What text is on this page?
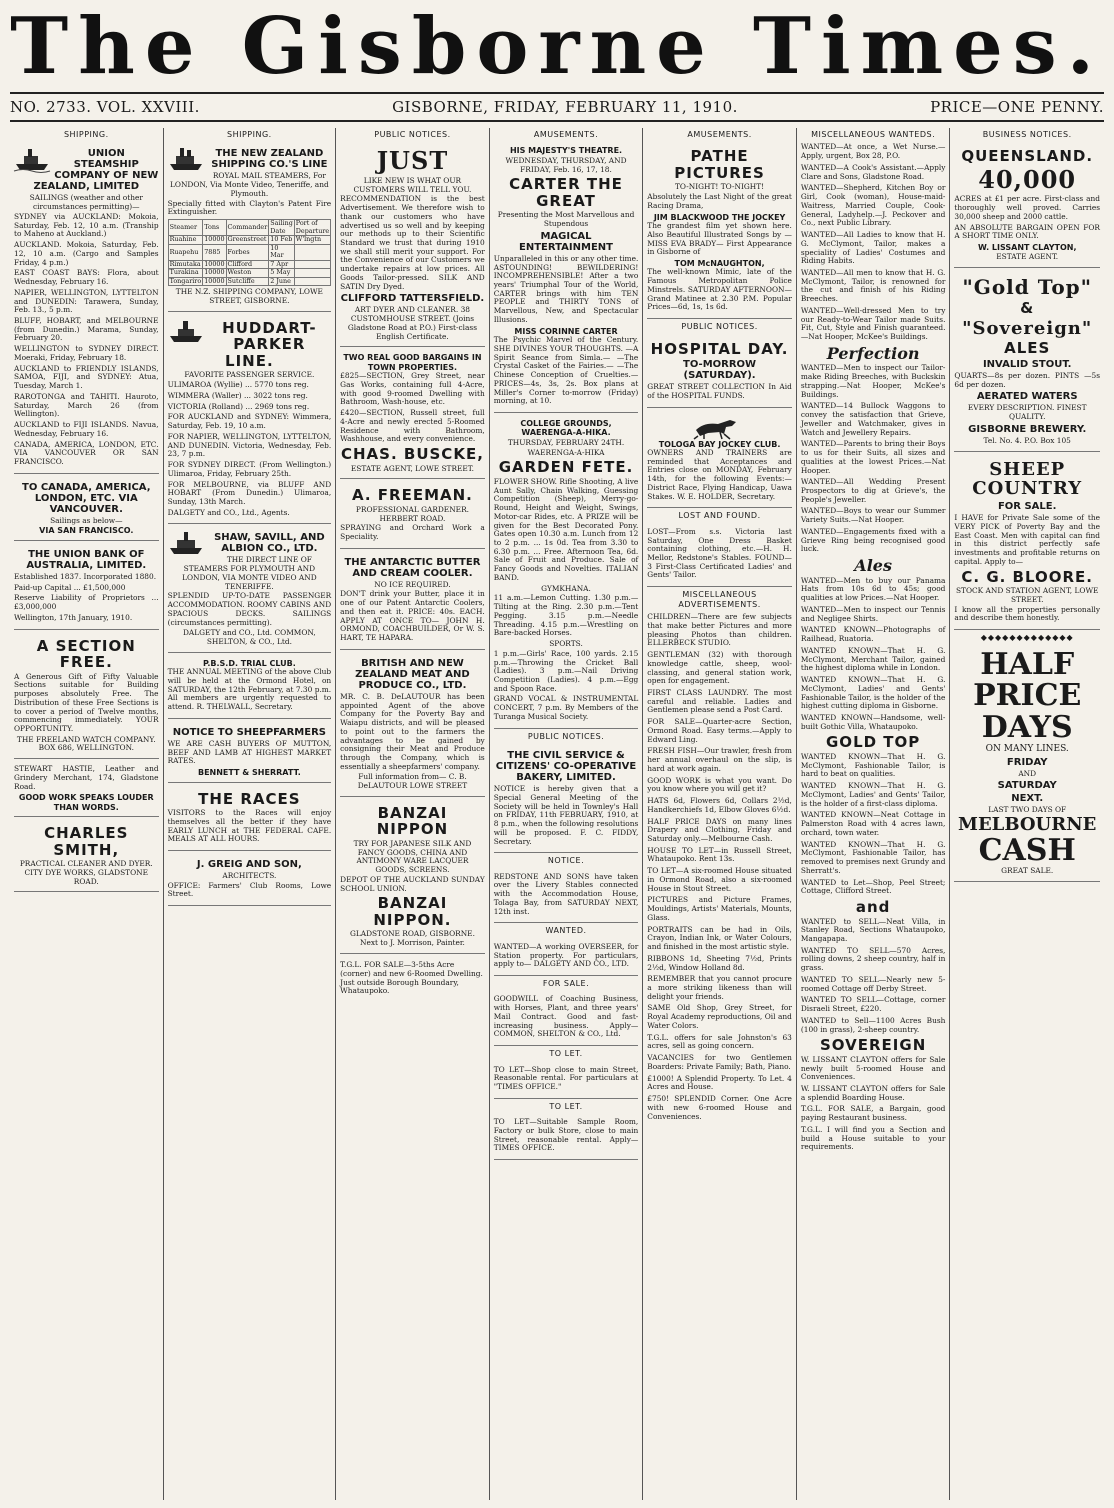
The Gisborne Times.
NO. 2733. VOL. XXVIII.	GISBORNE, FRIDAY, FEBRUARY 11, 1910.	PRICE—ONE PENNY.
SHIPPING.
UNION STEAMSHIP COMPANY OF NEW ZEALAND, LIMITED
SAILINGS (weather and other circumstances permitting)—

SYDNEY via AUCKLAND: Mokoia, Saturday, Feb. 12, 10 a.m. (Tranship to Maheno at Auckland.)

AUCKLAND. Mokoia, Saturday, Feb. 12, 10 a.m. (Cargo and Samples Friday, 4 p.m.)

EAST COAST BAYS: Flora, about Wednesday, February 16.

NAPIER, WELLINGTON, LYTTELTON and DUNEDIN: Tarawera, Sunday, Feb. 13., 5 p.m.

BLUFF, HOBART, and MELBOURNE (from Dunedin.) Marama, Sunday, February 20.

WELLINGTON to SYDNEY DIRECT. Moeraki, Friday, February 18.

AUCKLAND to FRIENDLY ISLANDS, SAMOA, FIJI, and SYDNEY: Atua, Tuesday, March 1.

RAROTONGA and TAHITI. Hauroto, Saturday, March 26 (from Wellington).

AUCKLAND to FIJI ISLANDS. Navua, Wednesday, February 16.

CANADA, AMERICA, LONDON, ETC. VIA VANCOUVER OR SAN FRANCISCO.

TO CANADA, AMERICA, LONDON, ETC. VIA VANCOUVER.
Sailings as below—
VIA SAN FRANCISCO.
THE UNION BANK OF AUSTRALIA, LIMITED.

Established 1837. Incorporated 1880.

Paid-up Capital ... £1,500,000

Reserve Liability of Proprietors ... £3,000,000

Wellington, 17th January, 1910.

A SECTION FREE.

A Generous Gift of Fifty Valuable Sections suitable for Building purposes absolutely Free. The Distribution of these Free Sections is to cover a period of Twelve months, commencing immediately. YOUR OPPORTUNITY.

THE FREELAND WATCH COMPANY. BOX 686, WELLINGTON.

STEWART HASTIE, Leather and Grindery Merchant, 174, Gladstone Road.

GOOD WORK SPEAKS LOUDER THAN WORDS.
CHARLES SMITH,
PRACTICAL CLEANER AND DYER. CITY DYE WORKS, GLADSTONE ROAD.
SHIPPING.
THE NEW ZEALAND SHIPPING CO.'S LINE
ROYAL MAIL STEAMERS, For LONDON, Via Monte Video, Teneriffe, and Plymouth.

Specially fitted with Clayton's Patent Fire Extinguisher.

Steamer	Tons	Commander	Sailing Date	Port of Departure
Ruahine	10000	Greenstreet	10 Feb	W'lngtn
Ruapehu	7885	Forbes	10 Mar	
Rimutaka	10000	Clifford	7 Apr	
Turakina	10000	Weston	5 May	
Tongariro	10000	Sutcliffe	2 June	
THE N.Z. SHIPPING COMPANY, LOWE STREET, GISBORNE.
HUDDART-PARKER LINE.
FAVORITE PASSENGER SERVICE.

ULIMAROA (Wyllie) ... 5770 tons reg.

WIMMERA (Waller) ... 3022 tons reg.

VICTORIA (Rolland) ... 2969 tons reg.

FOR AUCKLAND and SYDNEY: Wimmera, Saturday, Feb. 19, 10 a.m.

FOR NAPIER, WELLINGTON, LYTTELTON, AND DUNEDIN. Victoria, Wednesday, Feb. 23, 7 p.m.

FOR SYDNEY DIRECT. (From Wellington.) Ulimaroa, Friday, February 25th.

FOR MELBOURNE, via BLUFF AND HOBART (From Dunedin.) Ulimaroa, Sunday, 13th March.

DALGETY and CO., Ltd., Agents.

SHAW, SAVILL, AND ALBION CO., LTD.
THE DIRECT LINE OF STEAMERS FOR PLYMOUTH AND LONDON, VIA MONTE VIDEO AND TENERIFFE.

SPLENDID UP-TO-DATE PASSENGER ACCOMMODATION. ROOMY CABINS AND SPACIOUS DECKS. SAILINGS (circumstances permitting).

DALGETY and CO., Ltd. COMMON, SHELTON, & CO., Ltd.
P.B.S.D. TRIAL CLUB.

THE ANNUAL MEETING of the above Club will be held at the Ormond Hotel, on SATURDAY, the 12th February, at 7.30 p.m. All members are urgently requested to attend. R. THELWALL, Secretary.

NOTICE TO SHEEPFARMERS

WE ARE CASH BUYERS OF MUTTON, BEEF AND LAMB AT HIGHEST MARKET RATES.

BENNETT & SHERRATT.
THE RACES

VISITORS to the Races will enjoy themselves all the better if they have EARLY LUNCH at THE FEDERAL CAFE. MEALS AT ALL HOURS.

J. GREIG AND SON,
ARCHITECTS.

OFFICE: Farmers' Club Rooms, Lowe Street.

PUBLIC NOTICES.
JUST
LIKE NEW IS WHAT OUR CUSTOMERS WILL TELL YOU.

RECOMMENDATION is the best Advertisement. We therefore wish to thank our customers who have advertised us so well and by keeping our methods up to their Scientific Standard we trust that during 1910 we shall still merit your support. For the Convenience of our Customers we undertake repairs at low prices. All Goods Tailor-pressed. SILK AND SATIN Dry Dyed.

CLIFFORD TATTERSFIELD.
ART DYER AND CLEANER. 38 CUSTOMHOUSE STREET. (Joins Gladstone Road at P.O.) First-class English Certificate.
TWO REAL GOOD BARGAINS IN TOWN PROPERTIES.

£825—SECTION, Grey Street, near Gas Works, containing full 4-Acre, with good 9-roomed Dwelling with Bathroom, Wash-house, etc.

£420—SECTION, Russell street, full 4-Acre and newly erected 5-Roomed Residence with Bathroom, Washhouse, and every convenience.

CHAS. BUSCKE,
ESTATE AGENT, LOWE STREET.
A. FREEMAN.
PROFESSIONAL GARDENER. HERBERT ROAD.

SPRAYING and Orchard Work a Speciality.

THE ANTARCTIC BUTTER AND CREAM COOLER.
NO ICE REQUIRED.

DON'T drink your Butter, place it in one of our Patent Antarctic Coolers, and then eat it. PRICE: 40s. EACH. APPLY AT ONCE TO— JOHN H. ORMOND, COACHBUILDER, Or W. S. HART, TE HAPARA.

BRITISH AND NEW ZEALAND MEAT AND PRODUCE CO., LTD.

MR. C. B. DeLAUTOUR has been appointed Agent of the above Company for the Poverty Bay and Waiapu districts, and will be pleased to point out to the farmers the advantages to be gained by consigning their Meat and Produce through the Company, which is essentially a sheepfarmers' company.

Full information from— C. B. DeLAUTOUR LOWE STREET
BANZAI NIPPON
TRY FOR JAPANESE SILK AND FANCY GOODS, CHINA AND ANTIMONY WARE LACQUER GOODS, SCREENS.

DEPOT OF THE AUCKLAND SUNDAY SCHOOL UNION.

BANZAI NIPPON.
GLADSTONE ROAD, GISBORNE. Next to J. Morrison, Painter.

T.G.L. FOR SALE—3-5ths Acre (corner) and new 6-Roomed Dwelling. Just outside Borough Boundary, Whataupoko.

AMUSEMENTS.
HIS MAJESTY'S THEATRE.
WEDNESDAY, THURSDAY, AND FRIDAY, Feb. 16, 17, 18.
CARTER THE GREAT
Presenting the Most Marvellous and Stupendous
MAGICAL ENTERTAINMENT

Unparalleled in this or any other time. ASTOUNDING! BEWILDERING! INCOMPREHENSIBLE! After a two years' Triumphal Tour of the World, CARTER brings with him TEN PEOPLE and THIRTY TONS of Marvellous, New, and Spectacular Illusions.

MISS CORINNE CARTER

The Psychic Marvel of the Century. SHE DIVINES YOUR THOUGHTS. —A Spirit Seance from Simla.— —The Crystal Casket of the Fairies.— —The Chinese Conception of Cruelties.— PRICES—4s, 3s, 2s. Box plans at Miller's Corner to-morrow (Friday) morning, at 10.

COLLEGE GROUNDS, WAERENGA-A-HIKA.
THURSDAY, FEBRUARY 24TH.
WAERENGA-A-HIKA
GARDEN FETE.

FLOWER SHOW. Rifle Shooting, A live Aunt Sally, Chain Walking, Guessing Competition (Sheep), Merry-go-Round, Height and Weight, Swings, Motor-car Rides, etc. A PRIZE will be given for the Best Decorated Pony. Gates open 10.30 a.m. Lunch from 12 to 2 p.m. ... 1s 0d. Tea from 3.30 to 6.30 p.m. ... Free. Afternoon Tea, 6d. Sale of Fruit and Produce. Sale of Fancy Goods and Novelties. ITALIAN BAND.

GYMKHANA.

11 a.m.—Lemon Cutting. 1.30 p.m.—Tilting at the Ring. 2.30 p.m.—Tent Pegging. 3.15 p.m.—Needle Threading. 4.15 p.m.—Wrestling on Bare-backed Horses.

SPORTS.

1 p.m.—Girls' Race, 100 yards. 2.15 p.m.—Throwing the Cricket Ball (Ladies). 3 p.m.—Nail Driving Competition (Ladies). 4 p.m.—Egg and Spoon Race.

GRAND VOCAL & INSTRUMENTAL CONCERT, 7 p.m. By Members of the Turanga Musical Society.

PUBLIC NOTICES.
THE CIVIL SERVICE & CITIZENS' CO-OPERATIVE BAKERY, LIMITED.

NOTICE is hereby given that a Special General Meeting of the Society will be held in Townley's Hall on FRIDAY, 11th FEBRUARY, 1910, at 8 p.m., when the following resolutions will be proposed. F. C. FIDDY, Secretary.

NOTICE.

REDSTONE AND SONS have taken over the Livery Stables connected with the Accommodation House, Tolaga Bay, from SATURDAY NEXT, 12th inst.

WANTED.

WANTED—A working OVERSEER, for Station property. For particulars, apply to— DALGETY AND CO., LTD.

FOR SALE.

GOODWILL of Coaching Business, with Horses, Plant, and three years' Mail Contract. Good and fast-increasing business. Apply— COMMON, SHELTON & CO., Ltd.

TO LET.

TO LET—Shop close to main Street, Reasonable rental. For particulars at "TIMES OFFICE."

TO LET.

TO LET—Suitable Sample Room, Factory or bulk Store, close to main Street, reasonable rental. Apply— TIMES OFFICE.

AMUSEMENTS.
PATHE PICTURES
TO-NIGHT! TO-NIGHT!

Absolutely the Last Night of the great Racing Drama,

JIM BLACKWOOD THE JOCKEY

The grandest film yet shown here. Also Beautiful Illustrated Songs by —MISS EVA BRADY— First Appearance in Gisborne of

TOM McNAUGHTON,

The well-known Mimic, late of the Famous Metropolitan Police Minstrels. SATURDAY AFTERNOON—Grand Matinee at 2.30 P.M. Popular Prices—6d, 1s, 1s 6d.

PUBLIC NOTICES.
HOSPITAL DAY.
TO-MORROW (SATURDAY).

GREAT STREET COLLECTION In Aid of the HOSPITAL FUNDS.

TOLOGA BAY JOCKEY CLUB.

OWNERS AND TRAINERS are reminded that Acceptances and Entries close on MONDAY, February 14th, for the following Events:— District Race, Flying Handicap, Uawa Stakes. W. E. HOLDER, Secretary.

LOST AND FOUND.

LOST—From s.s. Victoria last Saturday, One Dress Basket containing clothing, etc.—H. H. Mellor, Redstone's Stables. FOUND—3 First-Class Certificated Ladies' and Gents' Tailor.

MISCELLANEOUS ADVERTISEMENTS.

CHILDREN—There are few subjects that make better Pictures and more pleasing Photos than children. ELLERBECK STUDIO.

GENTLEMAN (32) with thorough knowledge cattle, sheep, wool-classing, and general station work, open for engagement.

FIRST CLASS LAUNDRY. The most careful and reliable. Ladies and Gentlemen please send a Post Card.

FOR SALE—Quarter-acre Section, Ormond Road. Easy terms.—Apply to Edward Ling.

FRESH FISH—Our trawler, fresh from her annual overhaul on the slip, is hard at work again.

GOOD WORK is what you want. Do you know where you will get it?

HATS 6d, Flowers 6d, Collars 2½d, Handkerchiefs 1d, Elbow Gloves 6½d.

HALF PRICE DAYS on many lines Drapery and Clothing, Friday and Saturday only.—Melbourne Cash.

HOUSE TO LET—in Russell Street, Whataupoko. Rent 13s.

TO LET—A six-roomed House situated in Ormond Road, also a six-roomed House in Stout Street.

PICTURES and Picture Frames, Mouldings, Artists' Materials, Mounts, Glass.

PORTRAITS can be had in Oils, Crayon, Indian Ink, or Water Colours, and finished in the most artistic style.

RIBBONS 1d, Sheeting 7½d, Prints 2½d, Window Holland 8d.

REMEMBER that you cannot procure a more striking likeness than will delight your friends.

SAME Old Shop, Grey Street, for Royal Academy reproductions, Oil and Water Colors.

T.G.L. offers for sale Johnston's 63 acres, sell as going concern.

VACANCIES for two Gentlemen Boarders: Private Family; Bath, Piano.

£1000! A Splendid Property. To Let. 4 Acres and House.

£750! SPLENDID Corner. One Acre with new 6-roomed House and Conveniences.

MISCELLANEOUS WANTEDS.

WANTED—At once, a Wet Nurse.—Apply, urgent, Box 28, P.O.

WANTED—A Cook's Assistant.—Apply Clare and Sons, Gladstone Road.

WANTED—Shepherd, Kitchen Boy or Girl, Cook (woman), House-maid-Waitress, Married Couple, Cook-General, Ladyhelp.—J. Peckover and Co., next Public Library.

WANTED—All Ladies to know that H. G. McClymont, Tailor, makes a speciality of Ladies' Costumes and Riding Habits.

WANTED—All men to know that H. G. McClymont, Tailor, is renowned for the cut and finish of his Riding Breeches.

WANTED—Well-dressed Men to try our Ready-to-Wear Tailor made Suits. Fit, Cut, Style and Finish guaranteed.—Nat Hooper, McKee's Buildings.

Perfection

WANTED—Men to inspect our Tailor-make Riding Breeches, with Buckskin strapping.—Nat Hooper, McKee's Buildings.

WANTED—14 Bullock Waggons to convey the satisfaction that Grieve, Jeweller and Watchmaker, gives in Watch and Jewellery Repairs.

WANTED—Parents to bring their Boys to us for their Suits, all sizes and qualities at the lowest Prices.—Nat Hooper.

WANTED—All Wedding Present Prospectors to dig at Grieve's, the People's Jeweller.

WANTED—Boys to wear our Summer Variety Suits.—Nat Hooper.

WANTED—Engagements fixed with a Grieve Ring being recognised good luck.

Ales

WANTED—Men to buy our Panama Hats from 10s 6d to 45s; good qualities at low Prices.—Nat Hooper.

WANTED—Men to inspect our Tennis and Negligee Shirts.

WANTED KNOWN—Photographs of Railhead, Ruatoria.

WANTED KNOWN—That H. G. McClymont, Merchant Tailor, gained the highest diploma while in London.

WANTED KNOWN—That H. G. McClymont, Ladies' and Gents' Fashionable Tailor, is the holder of the highest cutting diploma in Gisborne.

WANTED KNOWN—Handsome, well-built Gothic Villa, Whataupoko.

GOLD TOP

WANTED KNOWN—That H. G. McClymont, Fashionable Tailor, is hard to beat on qualities.

WANTED KNOWN—That H. G. McClymont, Ladies' and Gents' Tailor, is the holder of a first-class diploma.

WANTED KNOWN—Neat Cottage in Palmerston Road with 4 acres lawn, orchard, town water.

WANTED KNOWN—That H. G. McClymont, Fashionable Tailor, has removed to premises next Grundy and Sherratt's.

WANTED to Let—Shop, Peel Street; Cottage, Clifford Street.

and

WANTED to SELL—Neat Villa, in Stanley Road, Sections Whataupoko, Mangapapa.

WANTED TO SELL—570 Acres, rolling downs, 2 sheep country, half in grass.

WANTED TO SELL—Nearly new 5-roomed Cottage off Derby Street.

WANTED TO SELL—Cottage, corner Disraeli Street, £220.

WANTED to Sell—1100 Acres Bush (100 in grass), 2-sheep country.

SOVEREIGN

W. LISSANT CLAYTON offers for Sale newly built 5-roomed House and Conveniences.

W. LISSANT CLAYTON offers for Sale a splendid Boarding House.

T.G.L. FOR SALE, a Bargain, good paying Restaurant business.

T.G.L. I will find you a Section and build a House suitable to your requirements.

BUSINESS NOTICES.
QUEENSLAND.
40,000

ACRES at £1 per acre. First-class and thoroughly well proved. Carries 30,000 sheep and 2000 cattle.

AN ABSOLUTE BARGAIN OPEN FOR A SHORT TIME ONLY.

W. LISSANT CLAYTON,
ESTATE AGENT.
"Gold Top"
&
"Sovereign"
ALES
INVALID STOUT.

QUARTS—8s per dozen. PINTS —5s 6d per dozen.

AERATED WATERS
EVERY DESCRIPTION. FINEST QUALITY.
GISBORNE BREWERY.
Tel. No. 4. P.O. Box 105
SHEEP COUNTRY
FOR SALE.

I HAVE for Private Sale some of the VERY PICK of Poverty Bay and the East Coast. Men with capital can find in this district perfectly safe investments and profitable returns on capital. Apply to—

C. G. BLOORE.
STOCK AND STATION AGENT, LOWE STREET.

I know all the properties personally and describe them honestly.

◆◆◆◆◆◆◆◆◆◆◆◆◆
HALF
PRICE
DAYS
ON MANY LINES.
FRIDAY
AND
SATURDAY
NEXT.
LAST TWO DAYS OF
MELBOURNE
CASH
GREAT SALE.
